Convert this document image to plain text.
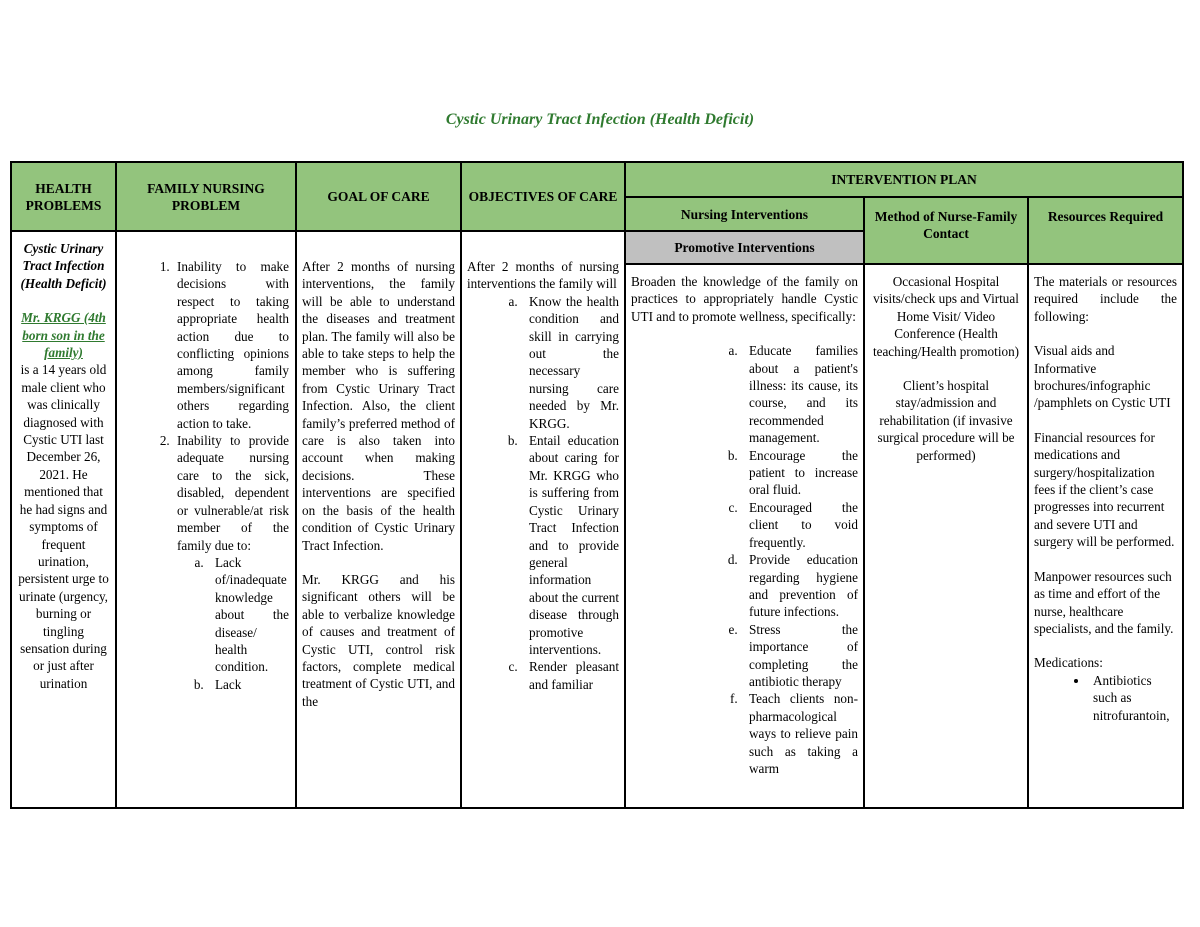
Cystic Urinary Tract Infection (Health Deficit)
HEALTH PROBLEMS
FAMILY NURSING PROBLEM
GOAL OF CARE	OBJECTIVES OF CARE
INTERVENTION PLAN
Nursing Interventions	Method of Nurse-Family Contact
Resources Required
Promotive Interventions

Cystic Urinary Tract Infection (Health Deficit)

Mr. KRGG (4th born son in the family)

is a 14 years old male client who was clinically diagnosed with Cystic UTI last December 26, 2021. He mentioned that he had signs and symptoms of frequent urination, persistent urge to urinate (urgency, burning or tingling sensation during or just after urination

1. Inability to make decisions with respect to taking appropriate health action due to conflicting opinions among family members/significant others regarding action to take.
2. Inability to provide adequate nursing care to the sick, disabled, dependent or vulnerable/at risk member of the family due to:
a. Lack of/inadequate knowledge about the disease/ health condition.
b. Lack

After 2 months of nursing interventions, the family will be able to understand the diseases and treatment plan. The family will also be able to take steps to help the member who is suffering from Cystic Urinary Tract Infection. Also, the client family’s preferred method of care is also taken into account when making decisions. These interventions are specified on the basis of the health condition of Cystic Urinary Tract Infection.

Mr. KRGG and his significant others will be able to verbalize knowledge of causes and treatment of Cystic UTI, control risk factors, complete medical treatment of Cystic UTI, and the

After 2 months of nursing interventions the family will

a. Know the health condition and skill in carrying out the necessary nursing care needed by Mr. KRGG.
b. Entail education about caring for Mr. KRGG who is suffering from Cystic Urinary Tract Infection and to provide general information about the current disease through promotive interventions.
c. Render pleasant and familiar

Broaden the knowledge of the family on practices to appropriately handle Cystic UTI and to promote wellness, specifically:

a. Educate families about a patient's illness: its cause, its course, and its recommended management.
b. Encourage the patient to increase oral fluid.
c. Encouraged the client to void frequently.
d. Provide education regarding hygiene and prevention of future infections.
e. Stress the importance of completing the antibiotic therapy
f. Teach clients non-pharmacological ways to relieve pain such as taking a warm

Occasional Hospital visits/check ups and Virtual Home Visit/ Video Conference (Health teaching/Health promotion)

Client’s hospital stay/admission and rehabilitation (if invasive surgical procedure will be performed)

The materials or resources required include the following:

Visual aids and Informative brochures/infographic /pamphlets on Cystic UTI

Financial resources for medications and surgery/hospitalization fees if the client’s case progresses into recurrent and severe UTI and surgery will be performed.

Manpower resources such as time and effort of the nurse, healthcare specialists, and the family.

Medications:

• Antibiotics such as nitrofurantoin,
